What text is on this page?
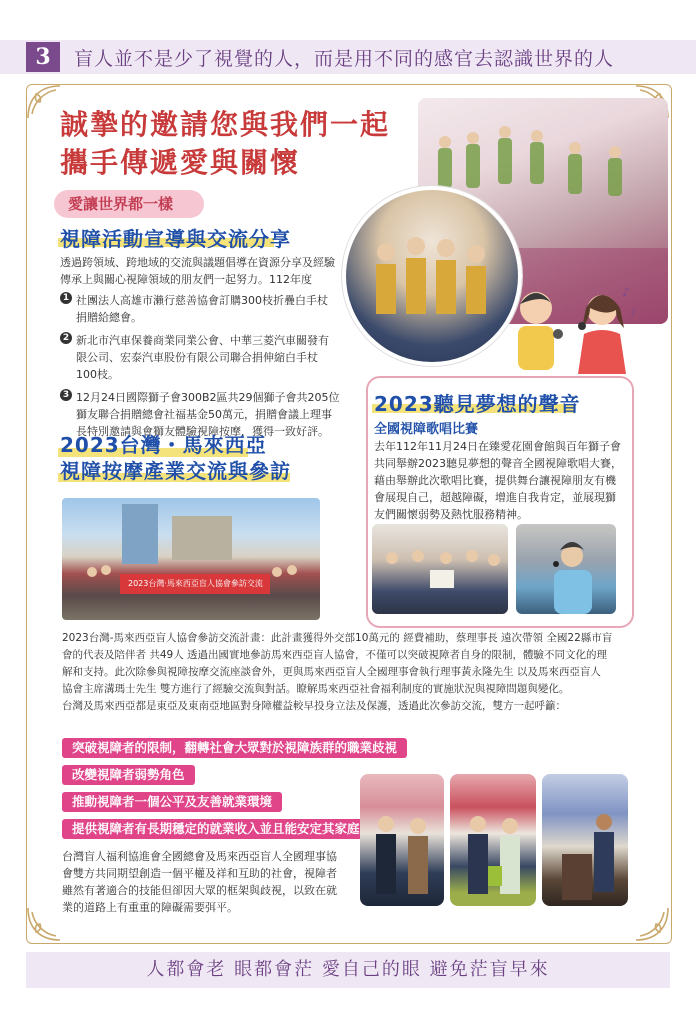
3	盲人並不是少了視覺的人，而是用不同的感官去認識世界的人
誠摯的邀請您與我們一起
攜手傳遞愛與關懷
愛讓世界都一樣
視障活動宣導與交流分享
透過跨領域、跨地域的交流與議題倡導在資源分享及經驗
傳承上與關心視障領域的朋友們一起努力。112年度
1 社團法人高雄市瀨行慈善協會訂購300枝折疊白手杖
捐贈給總會。
2 新北市汽車保養商業同業公會、中華三菱汽車關發有
限公司、宏泰汽車股份有限公司聯合捐伸縮白手杖
100枝。
3 12月24日國際獅子會300B2區共29個獅子會共205位
獅友聯合捐贈總會社福基金50萬元，捐贈會議上理事
長特別邀請與會獅友體驗視障按摩，獲得一致好評。
♪
♪
2023台灣・馬來西亞
視障按摩產業交流與參訪
2023台灣·馬來西亞盲人協會參訪交流
2023聽見夢想的聲音
全國視障歌唱比賽
去年112年11月24日在臻愛花園會館與百年獅子會
共同舉辦2023聽見夢想的聲音全國視障歌唱大賽，
藉由舉辦此次歌唱比賽，提供舞台讓視障朋友有機
會展現自己，超越障礙，增進自我肯定，並展現獅
友們關懷弱勢及熱忱服務精神。
2023台灣-馬來西亞盲人協會參訪交流計畫：此計畫獲得外交部10萬元的 經費補助，蔡理事長 遠次帶領 全國22縣市盲
會的代表及陪伴者 共49人 透過出國實地參訪馬來西亞盲人協會，不僅可以突破視障者自身的限制，體驗不同文化的理
解和支持。此次除參與視障按摩交流座談會外，更與馬來西亞盲人全國理事會執行理事黃永隆先生 以及馬來西亞盲人
協會主席溝瑪士先生 雙方進行了經驗交流與對話。瞭解馬來西亞社會福利制度的實施狀況與視障問題與變化。
台灣及馬來西亞都是東亞及東南亞地區對身障權益較早投身立法及保護，透過此次參訪交流，雙方一起呼籲：
突破視障者的限制，翻轉社會大眾對於視障族群的職業歧視
改變視障者弱勢角色
推動視障者一個公平及友善就業環境
提供視障者有長期穩定的就業收入並且能安定其家庭
台灣盲人福利協進會全國總會及馬來西亞盲人全國理事協
會雙方共同期望創造一個平權及祥和互助的社會，視障者
雖然有著適合的技能但卻因大眾的框架與歧視，以致在就
業的道路上有重重的障礙需要弭平。
人都會老 眼都會茫 愛自己的眼 避免茫盲早來
